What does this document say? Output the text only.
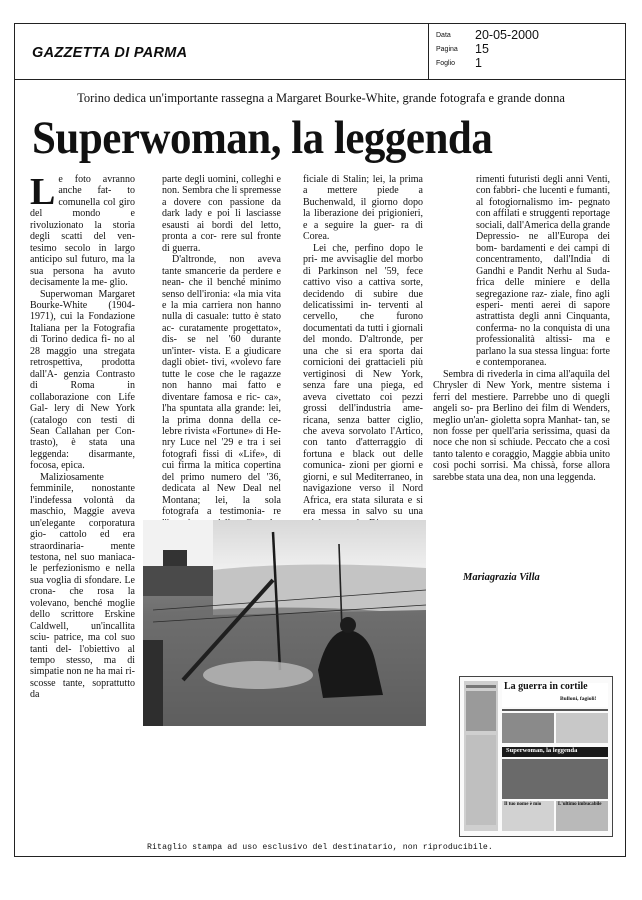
GAZZETTA DI PARMA
Data	20-05-2000
Pagina	15
Foglio	1
Torino dedica un'importante rassegna a Margaret Bourke-White, grande fotografa e grande donna
Superwoman, la leggenda

Le foto avranno anche fat- to comunella col giro del mondo e rivoluzionato la storia degli scatti del ven- tesimo secolo in largo anticipo sul futuro, ma la sua persona ha avuto decisamente la me- glio.

Superwoman Margaret Bourke-White (1904-1971), cui la Fondazione Italiana per la Fotografia di Torino dedica fi- no al 28 maggio una stregata retrospettiva, prodotta dall'A- genzia Contrasto di Roma in collaborazione con Life Gal- lery di New York (catalogo con testi di Sean Callahan per Con- trasto), è stata una leggenda: disarmante, focosa, epica.

Maliziosamente femminile, nonostante l'indefessa volontà da maschio, Maggie aveva un'elegante corporatura gio- cattolo ed era straordinaria- mente testona, nel suo maniaca- le perfezionismo e nella sua voglia di sfondare. Le crona- che rosa la volevano, benché moglie dello scrittore Erskine Caldwell, un'incallita sciu- patrice, ma col suo tanti del- l'obiettivo al tempo stesso, ma di simpatie non ne ha mai ri- scosse tante, soprattutto da

parte degli uomini, colleghi e non. Sembra che li spremesse a dovere con passione da dark lady e poi li lasciasse esausti ai bordi del letto, pronta a cor- rere sul fronte di guerra.

D'altronde, non aveva tante smancerie da perdere e nean- che il benché minimo senso dell'ironia: «la mia vita e la mia carriera non hanno nulla di casuale: tutto è stato ac- curatamente progettato», dis- se nel '60 durante un'inter- vista. E a giudicare dagli obiet- tivi, «volevo fare tutte le cose che le ragazze non hanno mai fatto e diventare famosa e ric- ca», l'ha spuntata alla grande: lei, la prima donna della ce- lebre rivista «Fortune» di He- nry Luce nel '29 e tra i sei fotografi fissi di «Life», di cui firma la mitica copertina del primo numero del '36, dedicata al New Deal nel Montana; lei, la sola fotografa a testimonia- re

ficiale di Stalin; lei, la prima a mettere piede a Buchenwald, il giorno dopo la liberazione dei prigionieri, e a seguire la guer- ra di Corea.

Lei che, perfino dopo le pri- me avvisaglie del morbo di Parkinson nel '59, fece cattivo viso a cattiva sorte, decidendo di subire due delicatissimi in- terventi al cervello, che furono documentati da tutti i giornali del mondo. D'altronde, per una che si era sporta dai cornicioni dei grattacieli più vertiginosi di New York, senza fare una piega, ed aveva civettato coi pezzi grossi dell'industria ame- ricana, senza batter ciglio, che aveva sorvolato l'Artico, con tanto d'atterraggio di fortuna e black out delle comunica- zioni per giorni e giorni, e sul Mediterraneo, in navigazione verso il Nord Africa, era stata silurata e si era messa in salvo su una

rimenti futuristi degli anni Venti, con fabbri- che lucenti e fumanti, al fotogiornalismo im- pegnato con affilati e struggenti reportage sociali, dall'America della grande Depressio- ne all'Europa dei bom- bardamenti e dei campi di concentramento, dall'India di Gandhi e Pandit Nerhu al Suda- frica delle miniere e della segregazione raz- ziale, fino agli esperi- menti aerei di sapore astrattista degli anni Cinquanta, conferma- no la conquista di una professionalità altissi- ma e parlano la sua stessa lingua: forte e contemporanea.

Sembra di rivederla in cima all'aquila del Chrysler di New York, mentre sistema i ferri del mestiere. Parrebbe uno di quegli angeli so- pra Berlino dei film di Wenders, meglio un'an- gioletta sopra Manhat- tan, se non fosse per quell'aria serissima, quasi da noce che non si schiude. Peccato che a così tanto talento e coraggio, Maggie abbia unito così pochi sorrisi. Ma chissà, forse allora sarebbe stata una dea, non una leggenda.

Mariagrazia Villa
La guerra in cortile
Bulloni, fagioli!
Superwoman, la leggenda
Il tuo nome è mio	L'ultimo imbucabile
Ritaglio stampa ad uso esclusivo del destinatario, non riproducibile.
